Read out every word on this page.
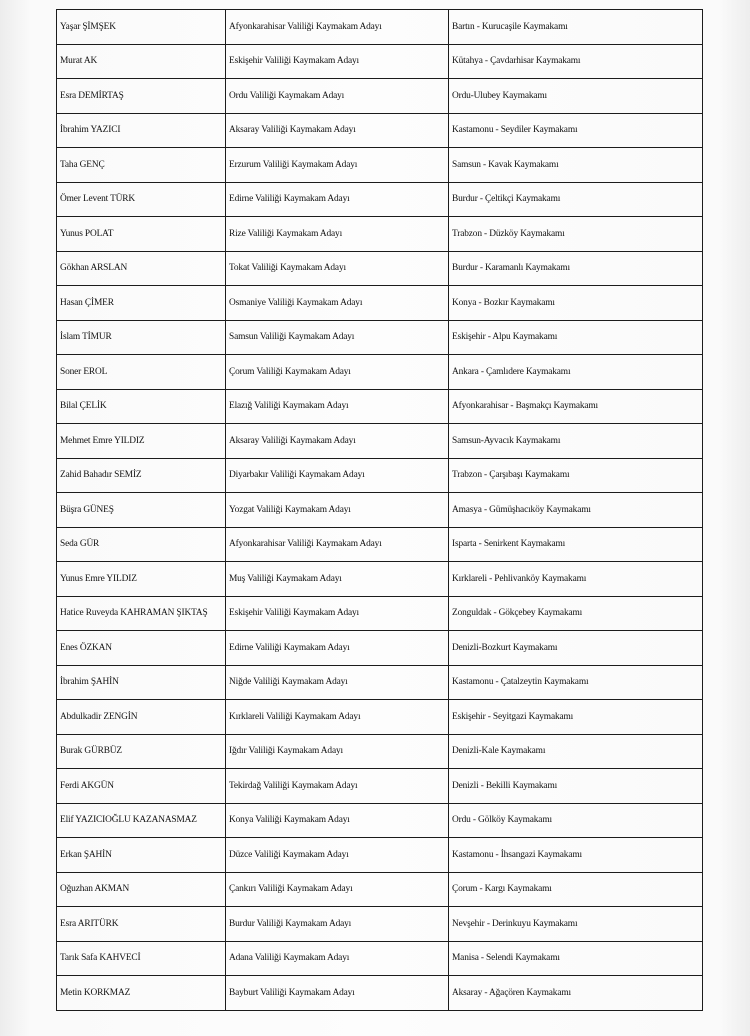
Yaşar ŞİMŞEK	Afyonkarahisar Valiliği Kaymakam Adayı	Bartın - Kurucaşile Kaymakamı
Murat AK	Eskişehir Valiliği Kaymakam Adayı	Kütahya - Çavdarhisar Kaymakamı
Esra DEMİRTAŞ	Ordu Valiliği Kaymakam Adayı	Ordu-Ulubey Kaymakamı
İbrahim YAZICI	Aksaray Valiliği Kaymakam Adayı	Kastamonu - Seydiler Kaymakamı
Taha GENÇ	Erzurum Valiliği Kaymakam Adayı	Samsun - Kavak Kaymakamı
Ömer Levent TÜRK	Edirne Valiliği Kaymakam Adayı	Burdur - Çeltikçi Kaymakamı
Yunus POLAT	Rize Valiliği Kaymakam Adayı	Trabzon - Düzköy Kaymakamı
Gökhan ARSLAN	Tokat Valiliği Kaymakam Adayı	Burdur - Karamanlı Kaymakamı
Hasan ÇİMER	Osmaniye Valiliği Kaymakam Adayı	Konya - Bozkır Kaymakamı
İslam TİMUR	Samsun Valiliği Kaymakam Adayı	Eskişehir - Alpu Kaymakamı
Soner EROL	Çorum Valiliği Kaymakam Adayı	Ankara - Çamlıdere Kaymakamı
Bilal ÇELİK	Elazığ Valiliği Kaymakam Adayı	Afyonkarahisar - Başmakçı Kaymakamı
Mehmet Emre YILDIZ	Aksaray Valiliği Kaymakam Adayı	Samsun-Ayvacık Kaymakamı
Zahid Bahadır SEMİZ	Diyarbakır Valiliği Kaymakam Adayı	Trabzon - Çarşıbaşı Kaymakamı
Büşra GÜNEŞ	Yozgat Valiliği Kaymakam Adayı	Amasya - Gümüşhacıköy Kaymakamı
Seda GÜR	Afyonkarahisar Valiliği Kaymakam Adayı	Isparta - Senirkent Kaymakamı
Yunus Emre YILDIZ	Muş Valiliği Kaymakam Adayı	Kırklareli - Pehlivanköy Kaymakamı
Hatice Ruveyda KAHRAMAN ŞIKTAŞ	Eskişehir Valiliği Kaymakam Adayı	Zonguldak - Gökçebey Kaymakamı
Enes ÖZKAN	Edirne Valiliği Kaymakam Adayı	Denizli-Bozkurt Kaymakamı
İbrahim ŞAHİN	Niğde Valiliği Kaymakam Adayı	Kastamonu - Çatalzeytin Kaymakamı
Abdulkadir ZENGİN	Kırklareli Valiliği Kaymakam Adayı	Eskişehir - Seyitgazi Kaymakamı
Burak GÜRBÜZ	Iğdır Valiliği Kaymakam Adayı	Denizli-Kale Kaymakamı
Ferdi AKGÜN	Tekirdağ Valiliği Kaymakam Adayı	Denizli - Bekilli Kaymakamı
Elif YAZICIOĞLU KAZANASMAZ	Konya Valiliği Kaymakam Adayı	Ordu - Gölköy Kaymakamı
Erkan ŞAHİN	Düzce Valiliği Kaymakam Adayı	Kastamonu - İhsangazi Kaymakamı
Oğuzhan AKMAN	Çankırı Valiliği Kaymakam Adayı	Çorum - Kargı Kaymakamı
Esra ARITÜRK	Burdur Valiliği Kaymakam Adayı	Nevşehir - Derinkuyu Kaymakamı
Tarık Safa KAHVECİ	Adana Valiliği Kaymakam Adayı	Manisa - Selendi Kaymakamı
Metin KORKMAZ	Bayburt Valiliği Kaymakam Adayı	Aksaray - Ağaçören Kaymakamı
